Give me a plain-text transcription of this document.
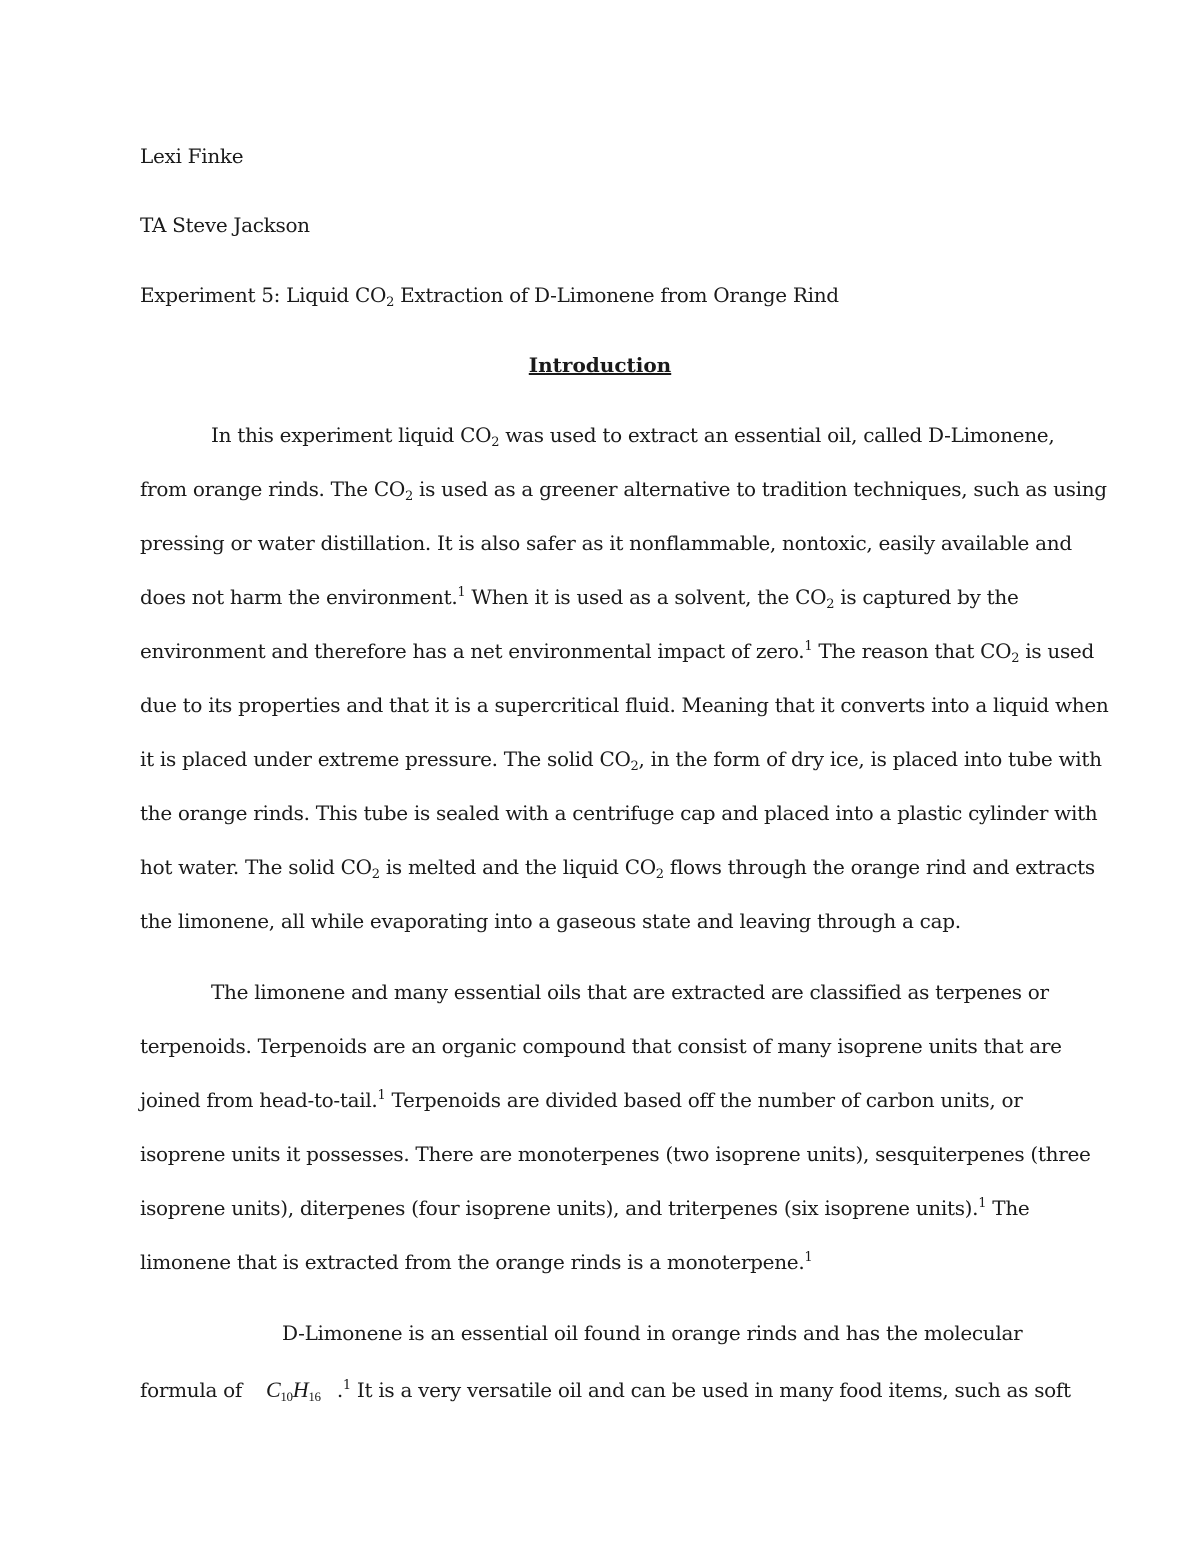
Lexi Finke
TA Steve Jackson
Experiment 5: Liquid $CO_2$ Extraction of D-Limonene from Orange Rind
Introduction
In this experiment liquid $CO_2$ was used to extract an essential oil, called D-Limonene,
from orange rinds. The $CO_2$ is used as a greener alternative to tradition techniques, such as using
pressing or water distillation. It is also safer as it nonflammable, nontoxic, easily available and
does not harm the environment.$^1$ When it is used as a solvent, the $CO_2$ is captured by the
environment and therefore has a net environmental impact of zero.$^1$ The reason that $CO_2$ is used
due to its properties and that it is a supercritical fluid. Meaning that it converts into a liquid when
it is placed under extreme pressure. The solid $CO_2$, in the form of dry ice, is placed into tube with
the orange rinds. This tube is sealed with a centrifuge cap and placed into a plastic cylinder with
hot water. The solid $CO_2$ is melted and the liquid $CO_2$ flows through the orange rind and extracts
the limonene, all while evaporating into a gaseous state and leaving through a cap.
The limonene and many essential oils that are extracted are classified as terpenes or
terpenoids. Terpenoids are an organic compound that consist of many isoprene units that are
joined from head-to-tail.$^1$ Terpenoids are divided based off the number of carbon units, or
isoprene units it possesses. There are monoterpenes (two isoprene units), sesquiterpenes (three
isoprene units), diterpenes (four isoprene units), and triterpenes (six isoprene units).$^1$ The
limonene that is extracted from the orange rinds is a monoterpene.$^1$
D-Limonene is an essential oil found in orange rinds and has the molecular
formula of $C_{10}H_{16}$ .$^1$ It is a very versatile oil and can be used in many food items, such as soft
